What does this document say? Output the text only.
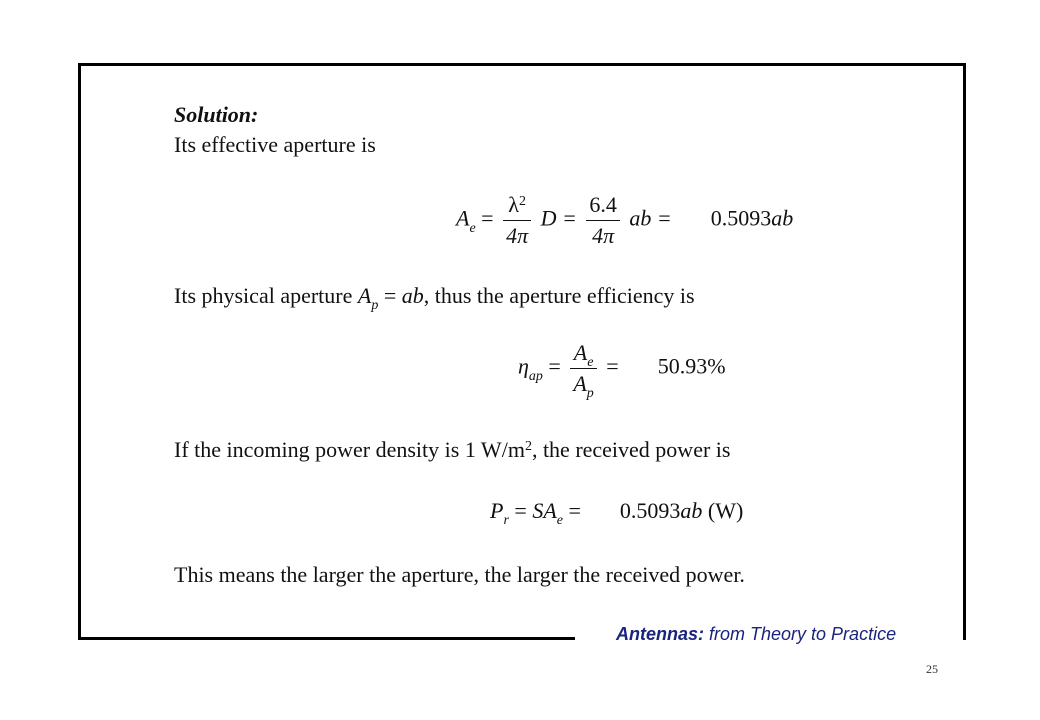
Solution:
Its effective aperture is
$A_e = \frac{\lambda^2}{4\pi}$ $D = \frac{6.4}{4\pi}$ ab = 0.5093ab
Its physical aperture $A_p$ = ab, thus the aperture efficiency is
$\eta_{ap} = \frac{A_e}{A_p} = 50.93\%$
If the incoming power density is 1 $W/m^2$, the received power is
$P_r = SA_e = 0.5093ab$ (W)
This means the larger the aperture, the larger the received power.
Antennas: from Theory to Practice
25
